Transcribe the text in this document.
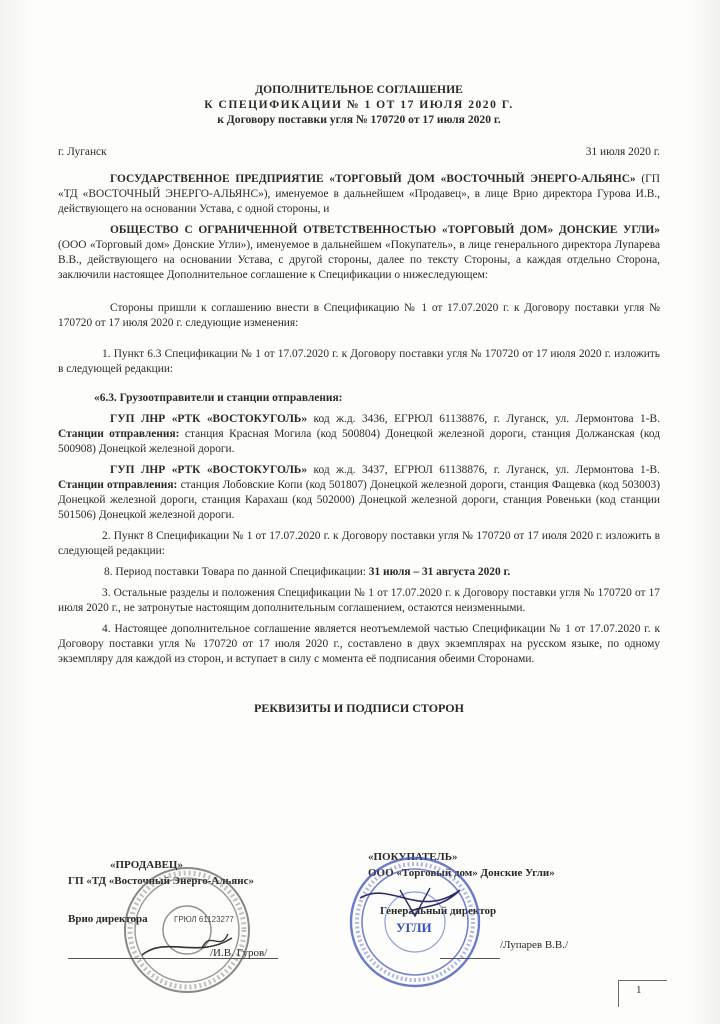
ДОПОЛНИТЕЛЬНОЕ СОГЛАШЕНИЕ
К СПЕЦИФИКАЦИИ № 1 ОТ 17 ИЮЛЯ 2020 Г.
к Договору поставки угля № 170720 от 17 июля 2020 г.
г. Луганск	31 июля 2020 г.

ГОСУДАРСТВЕННОЕ ПРЕДПРИЯТИЕ «ТОРГОВЫЙ ДОМ «ВОСТОЧНЫЙ ЭНЕРГО-АЛЬЯНС» (ГП «ТД «ВОСТОЧНЫЙ ЭНЕРГО-АЛЬЯНС»), именуемое в дальнейшем «Продавец», в лице Врио директора Гурова И.В., действующего на основании Устава, с одной стороны, и

ОБЩЕСТВО С ОГРАНИЧЕННОЙ ОТВЕТСТВЕННОСТЬЮ «ТОРГОВЫЙ ДОМ» ДОНСКИЕ УГЛИ» (ООО «Торговый дом» Донские Угли»), именуемое в дальнейшем «Покупатель», в лице генерального директора Лупарева В.В., действующего на основании Устава, с другой стороны, далее по тексту Стороны, а каждая отдельно Сторона, заключили настоящее Дополнительное соглашение к Спецификации о нижеследующем:

Стороны пришли к соглашению внести в Спецификацию № 1 от 17.07.2020 г. к Договору поставки угля № 170720 от 17 июля 2020 г. следующие изменения:

1. Пункт 6.3 Спецификации № 1 от 17.07.2020 г. к Договору поставки угля № 170720 от 17 июля 2020 г. изложить в следующей редакции:

«6.3. Грузоотправители и станции отправления:

ГУП ЛНР «РТК «ВОСТОКУГОЛЬ» код ж.д. 3436, ЕГРЮЛ 61138876, г. Луганск, ул. Лермонтова 1-В. Станции отправления: станция Красная Могила (код 500804) Донецкой железной дороги, станция Должанская (код 500908) Донецкой железной дороги.

ГУП ЛНР «РТК «ВОСТОКУГОЛЬ» код ж.д. 3437, ЕГРЮЛ 61138876, г. Луганск, ул. Лермонтова 1-В. Станции отправления: станция Лобовские Копи (код 501807) Донецкой железной дороги, станция Фащевка (код 503003) Донецкой железной дороги, станция Карахаш (код 502000) Донецкой железной дороги, станция Ровеньки (код станции 501506) Донецкой железной дороги.

2. Пункт 8 Спецификации № 1 от 17.07.2020 г. к Договору поставки угля № 170720 от 17 июля 2020 г. изложить в следующей редакции:

8. Период поставки Товара по данной Спецификации: 31 июля – 31 августа 2020 г.

3. Остальные разделы и положения Спецификации № 1 от 17.07.2020 г. к Договору поставки угля № 170720 от 17 июля 2020 г., не затронутые настоящим дополнительным соглашением, остаются неизменными.

4. Настоящее дополнительное соглашение является неотъемлемой частью Спецификации № 1 от 17.07.2020 г. к Договору поставки угля № 170720 от 17 июля 2020 г., составлено в двух экземплярах на русском языке, по одному экземпляру для каждой из сторон, и вступает в силу с момента её подписания обеими Сторонами.

РЕКВИЗИТЫ И ПОДПИСИ СТОРОН
«ПРОДАВЕЦ»
ГП «ТД «Восточный Энерго-Альянс»
Врио директора
/И.В. Гуров/
ГРЮЛ 61123277
«ПОКУПАТЕЛЬ»
ООО «Торговый дом» Донские Угли»
Генеральный директор
/Лупарев В.В./
УГЛИ
1
